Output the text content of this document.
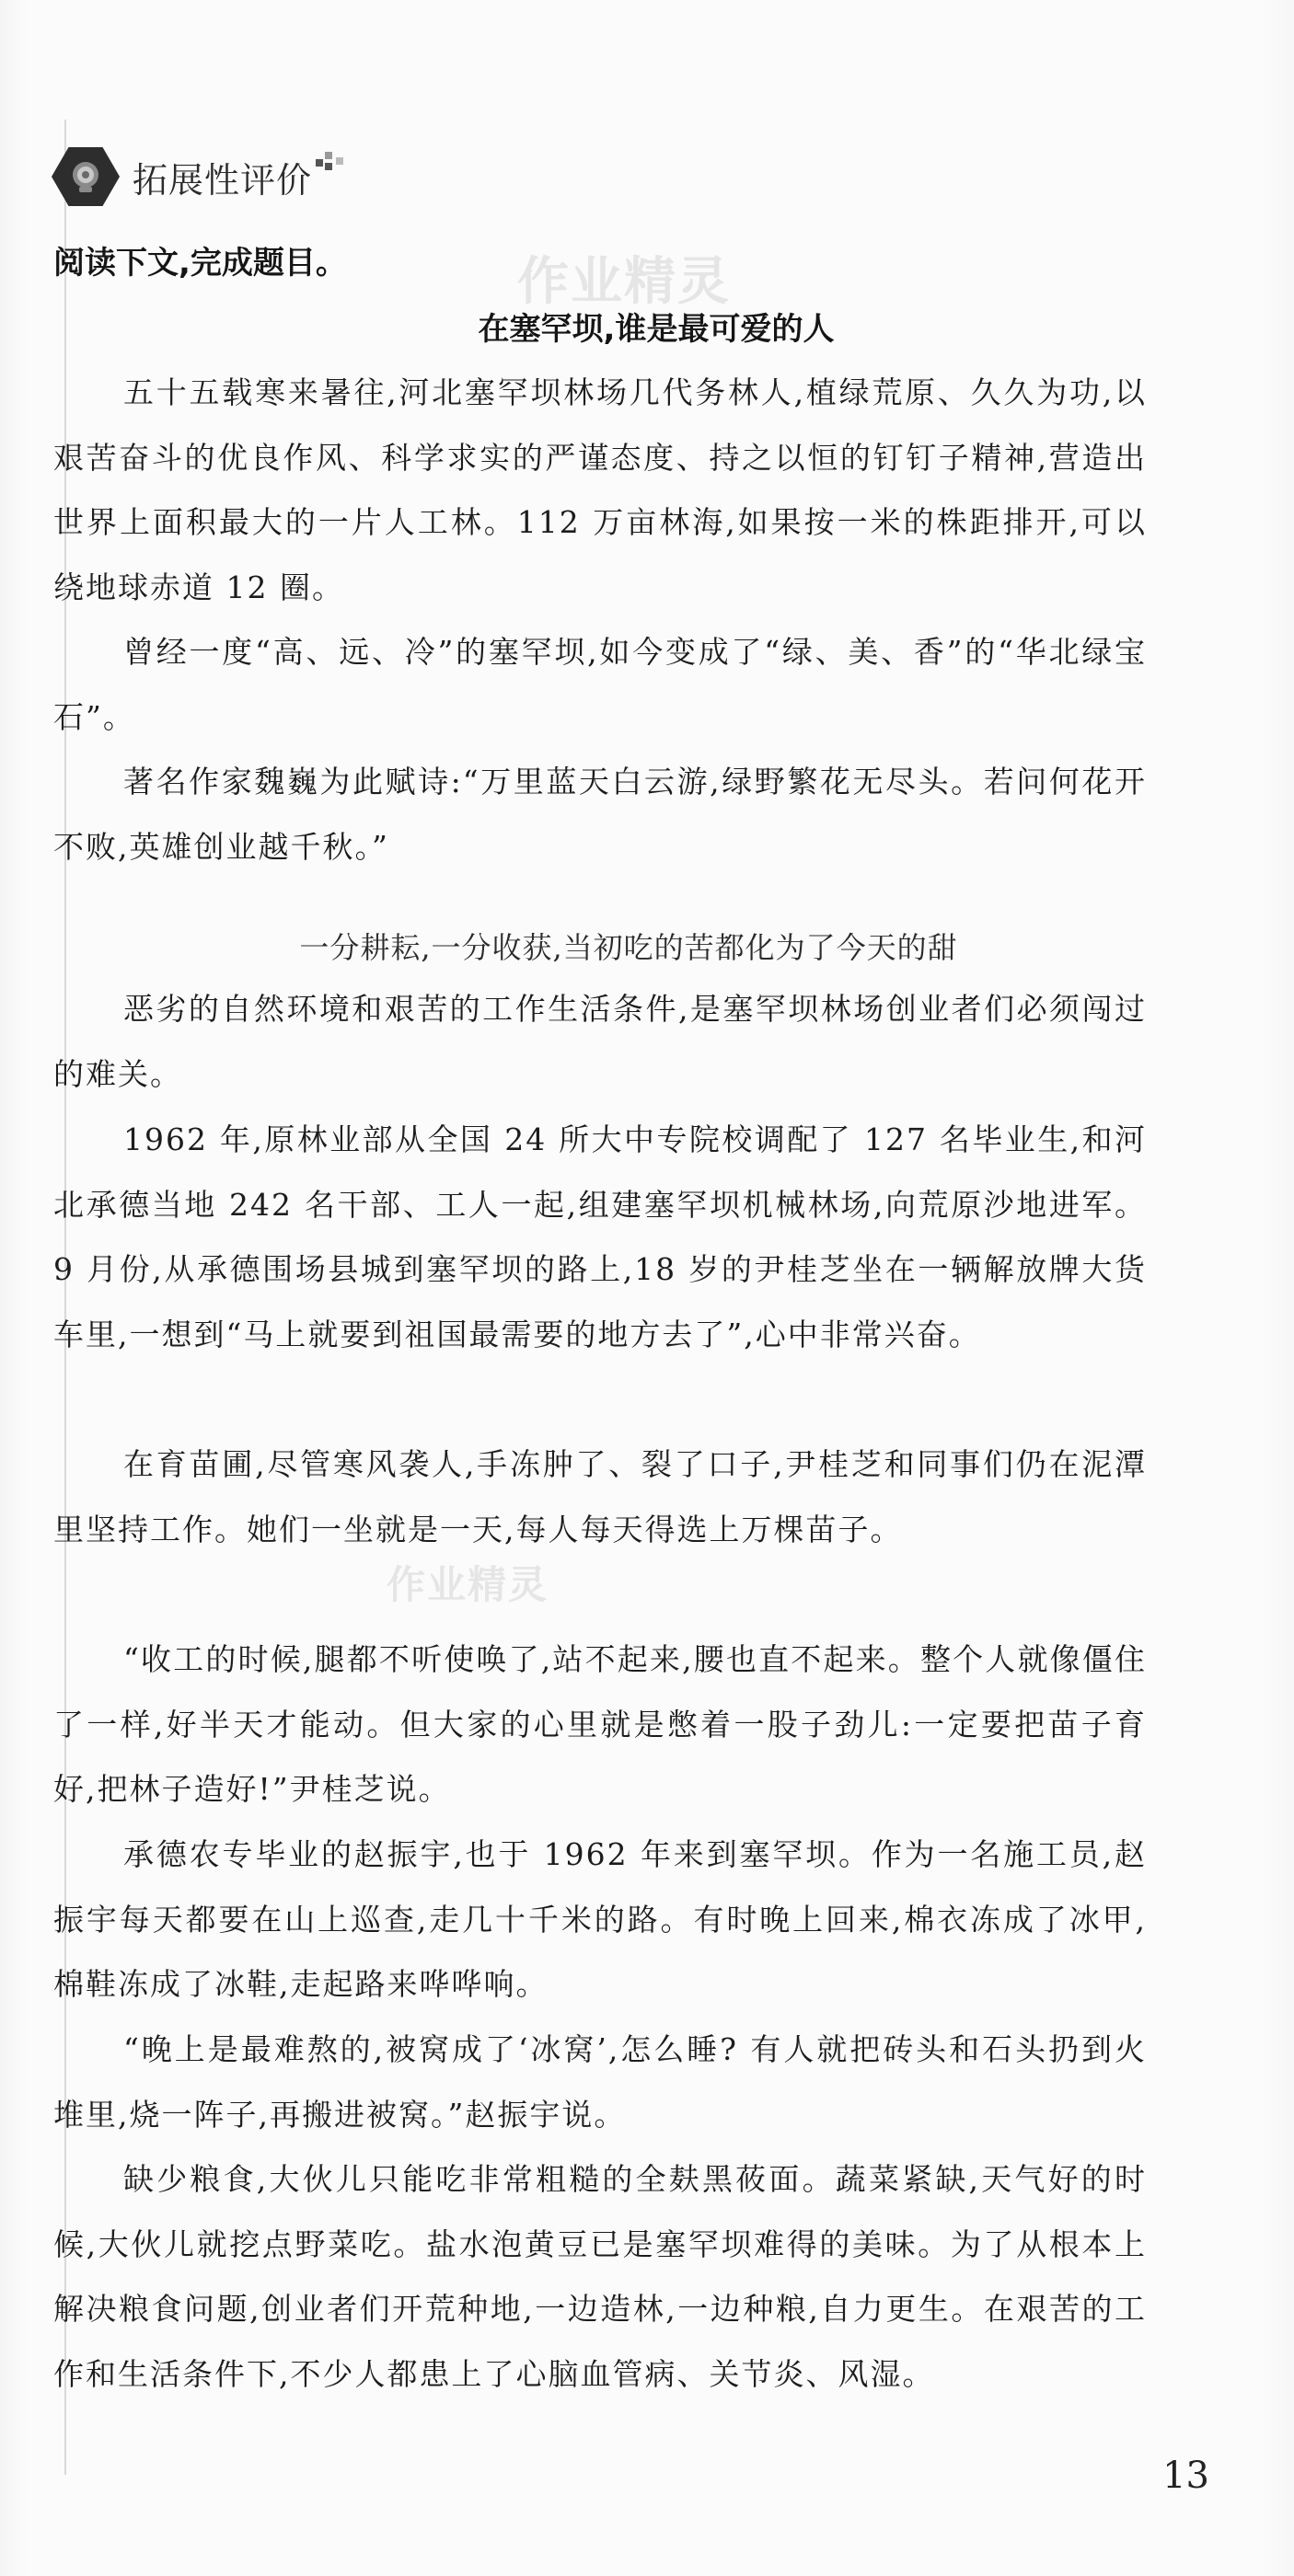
拓展性评价
作业精灵
作业精灵
阅读下文,完成题目。
在塞罕坝,谁是最可爱的人

五十五载寒来暑往,河北塞罕坝林场几代务林人,植绿荒原、久久为功,以艰苦奋斗的优良作风、科学求实的严谨态度、持之以恒的钉钉子精神,营造出世界上面积最大的一片人工林。112 万亩林海,如果按一米的株距排开,可以绕地球赤道 12 圈。

曾经一度“高、远、冷”的塞罕坝,如今变成了“绿、美、香”的“华北绿宝石”。

著名作家魏巍为此赋诗:“万里蓝天白云游,绿野繁花无尽头。若问何花开不败,英雄创业越千秋。”

一分耕耘,一分收获,当初吃的苦都化为了今天的甜

恶劣的自然环境和艰苦的工作生活条件,是塞罕坝林场创业者们必须闯过的难关。

1962 年,原林业部从全国 24 所大中专院校调配了 127 名毕业生,和河北承德当地 242 名干部、工人一起,组建塞罕坝机械林场,向荒原沙地进军。9 月份,从承德围场县城到塞罕坝的路上,18 岁的尹桂芝坐在一辆解放牌大货车里,一想到“马上就要到祖国最需要的地方去了”,心中非常兴奋。

在育苗圃,尽管寒风袭人,手冻肿了、裂了口子,尹桂芝和同事们仍在泥潭里坚持工作。她们一坐就是一天,每人每天得选上万棵苗子。

“收工的时候,腿都不听使唤了,站不起来,腰也直不起来。整个人就像僵住了一样,好半天才能动。但大家的心里就是憋着一股子劲儿:一定要把苗子育好,把林子造好!”尹桂芝说。

承德农专毕业的赵振宇,也于 1962 年来到塞罕坝。作为一名施工员,赵振宇每天都要在山上巡查,走几十千米的路。有时晚上回来,棉衣冻成了冰甲,棉鞋冻成了冰鞋,走起路来哗哗响。

“晚上是最难熬的,被窝成了‘冰窝’,怎么睡? 有人就把砖头和石头扔到火堆里,烧一阵子,再搬进被窝。”赵振宇说。

缺少粮食,大伙儿只能吃非常粗糙的全麸黑莜面。蔬菜紧缺,天气好的时候,大伙儿就挖点野菜吃。盐水泡黄豆已是塞罕坝难得的美味。为了从根本上解决粮食问题,创业者们开荒种地,一边造林,一边种粮,自力更生。在艰苦的工作和生活条件下,不少人都患上了心脑血管病、关节炎、风湿。

13
